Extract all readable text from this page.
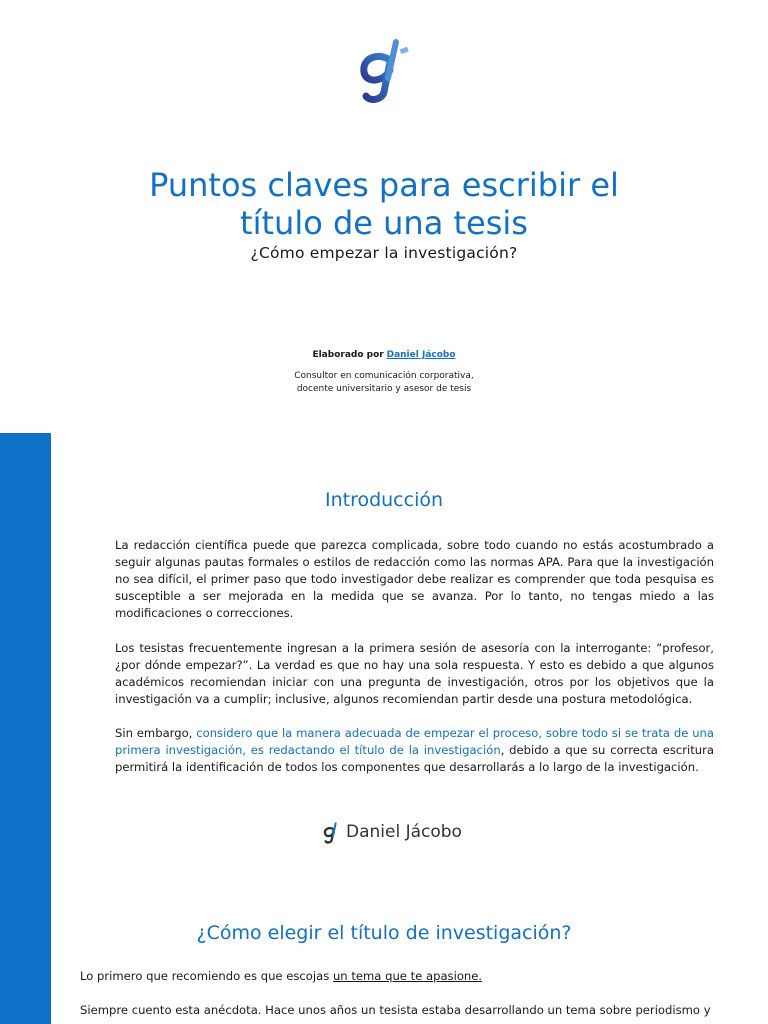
Puntos claves para escribir el
título de una tesis
¿Cómo empezar la investigación?
Elaborado por Daniel Jácobo
Consultor en comunicación corporativa,
docente universitario y asesor de tesis
Introducción

La redacción científica puede que parezca complicada, sobre todo cuando no estás acostumbrado a seguir algunas pautas formales o estilos de redacción como las normas APA. Para que la investigación no sea difícil, el primer paso que todo investigador debe realizar es comprender que toda pesquisa es susceptible a ser mejorada en la medida que se avanza. Por lo tanto, no tengas miedo a las modificaciones o correcciones.

Los tesistas frecuentemente ingresan a la primera sesión de asesoría con la interrogante: “profesor, ¿por dónde empezar?”. La verdad es que no hay una sola respuesta. Y esto es debido a que algunos académicos recomiendan iniciar con una pregunta de investigación, otros por los objetivos que la investigación va a cumplir; inclusive, algunos recomiendan partir desde una postura metodológica.

Sin embargo, considero que la manera adecuada de empezar el proceso, sobre todo si se trata de una primera investigación, es redactando el título de la investigación, debido a que su correcta escritura permitirá la identificación de todos los componentes que desarrollarás a lo largo de la investigación.

Daniel Jácobo
¿Cómo elegir el título de investigación?

Lo primero que recomiendo es que escojas un tema que te apasione.

Siempre cuento esta anécdota. Hace unos años un tesista estaba desarrollando un tema sobre periodismo y
